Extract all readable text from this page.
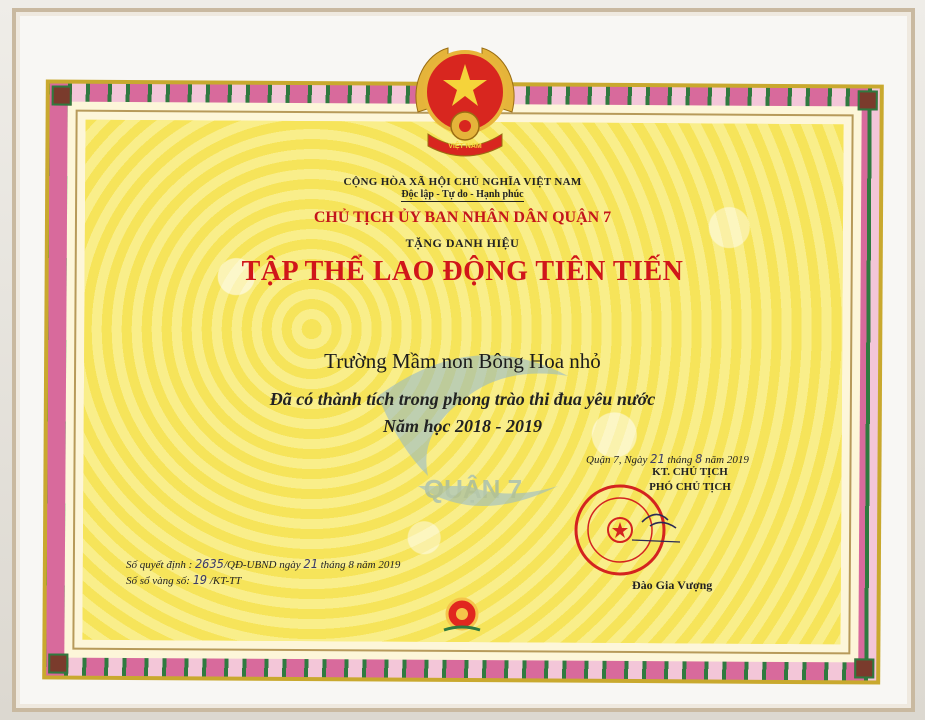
VIỆT NAM
CỘNG HÒA XÃ HỘI CHỦ NGHĨA VIỆT NAM
Độc lập - Tự do - Hạnh phúc
CHỦ TỊCH ỦY BAN NHÂN DÂN QUẬN 7
TẶNG DANH HIỆU
TẬP THỂ LAO ĐỘNG TIÊN TIẾN
QUẬN 7
Trường Mầm non Bông Hoa nhỏ
Đã có thành tích trong phong trào thi đua yêu nước
Năm học 2018 - 2019
Quận 7, Ngày 21 tháng 8 năm 2019
KT. CHỦ TỊCH
PHÓ CHỦ TỊCH
Đào Gia Vượng
Số quyết định : 2635/QĐ-UBND ngày 21 tháng 8 năm 2019
Số sổ vàng số: 19 /KT-TT
